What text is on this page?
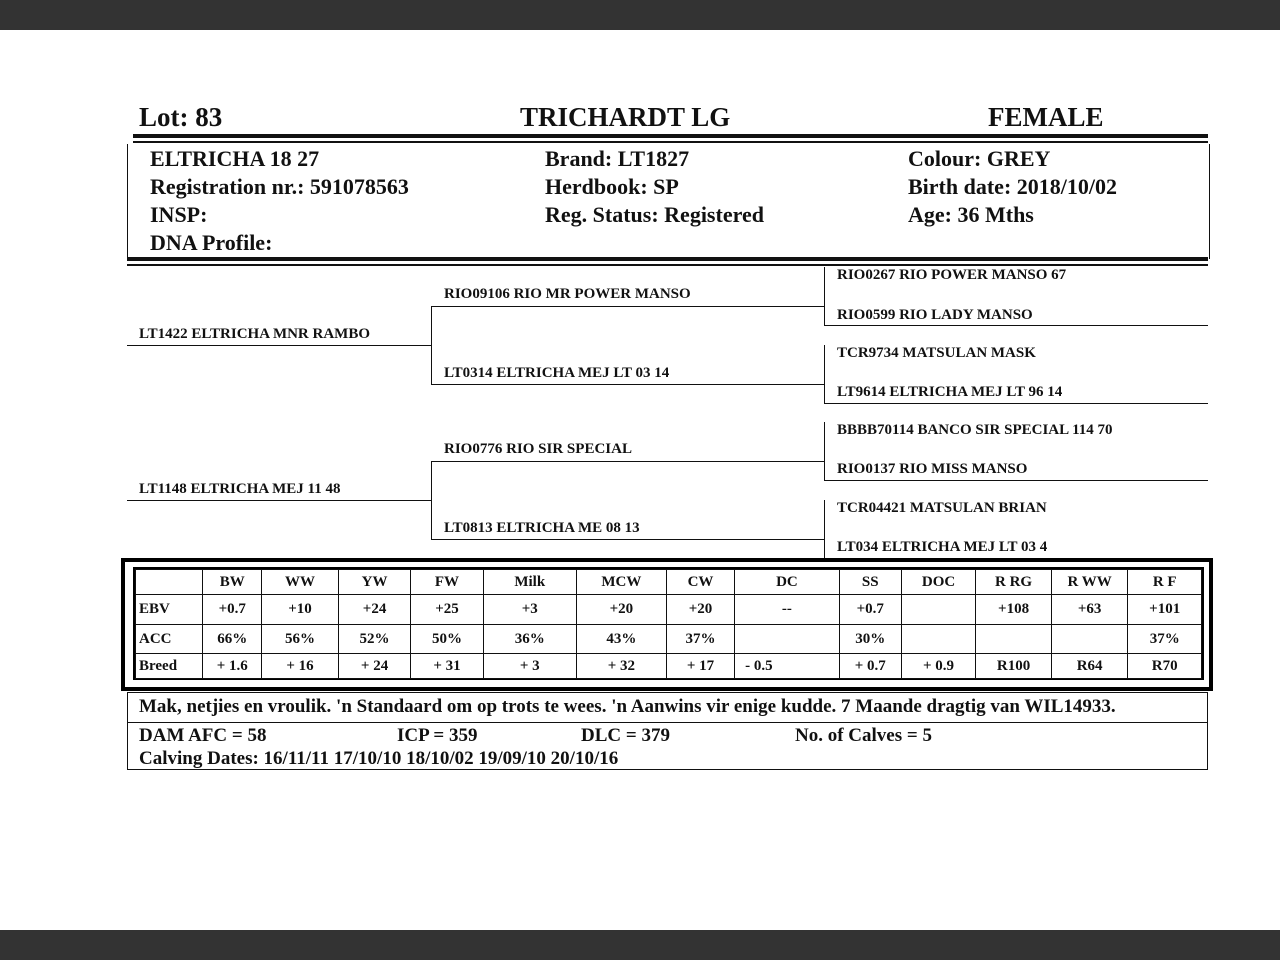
Lot: 83	TRICHARDT LG	FEMALE
ELTRICHA 18 27
Registration nr.: 591078563
INSP:
DNA Profile:
Brand: LT1827
Herdbook: SP
Reg. Status: Registered
Colour: GREY
Birth date: 2018/10/02
Age: 36 Mths
LT1422 ELTRICHA MNR RAMBO
LT1148 ELTRICHA MEJ 11 48
RIO09106 RIO MR POWER MANSO
LT0314 ELTRICHA MEJ LT 03 14
RIO0776 RIO SIR SPECIAL
LT0813 ELTRICHA ME 08 13
RIO0267 RIO POWER MANSO 67
RIO0599 RIO LADY MANSO
TCR9734 MATSULAN MASK
LT9614 ELTRICHA MEJ LT 96 14
BBBB70114 BANCO SIR SPECIAL 114 70
RIO0137 RIO MISS MANSO
TCR04421 MATSULAN BRIAN
LT034 ELTRICHA MEJ LT 03 4
	BW	WW	YW	FW	Milk	MCW	CW	DC	SS	DOC	R RG	R WW	R F
EBV	+0.7	+10	+24	+25	+3	+20	+20	--	+0.7		+108	+63	+101
ACC	66%	56%	52%	50%	36%	43%	37%		30%				37%
Breed	+ 1.6	+ 16	+ 24	+ 31	+ 3	+ 32	+ 17	- 0.5	+ 0.7	+ 0.9	R100	R64	R70
Mak, netjies en vroulik. 'n Standaard om op trots te wees. 'n Aanwins vir enige kudde. 7 Maande dragtig van WIL14933.
DAM AFC = 58	ICP = 359	DLC = 379	No. of Calves = 5
Calving Dates: 16/11/11 17/10/10 18/10/02 19/09/10 20/10/16
